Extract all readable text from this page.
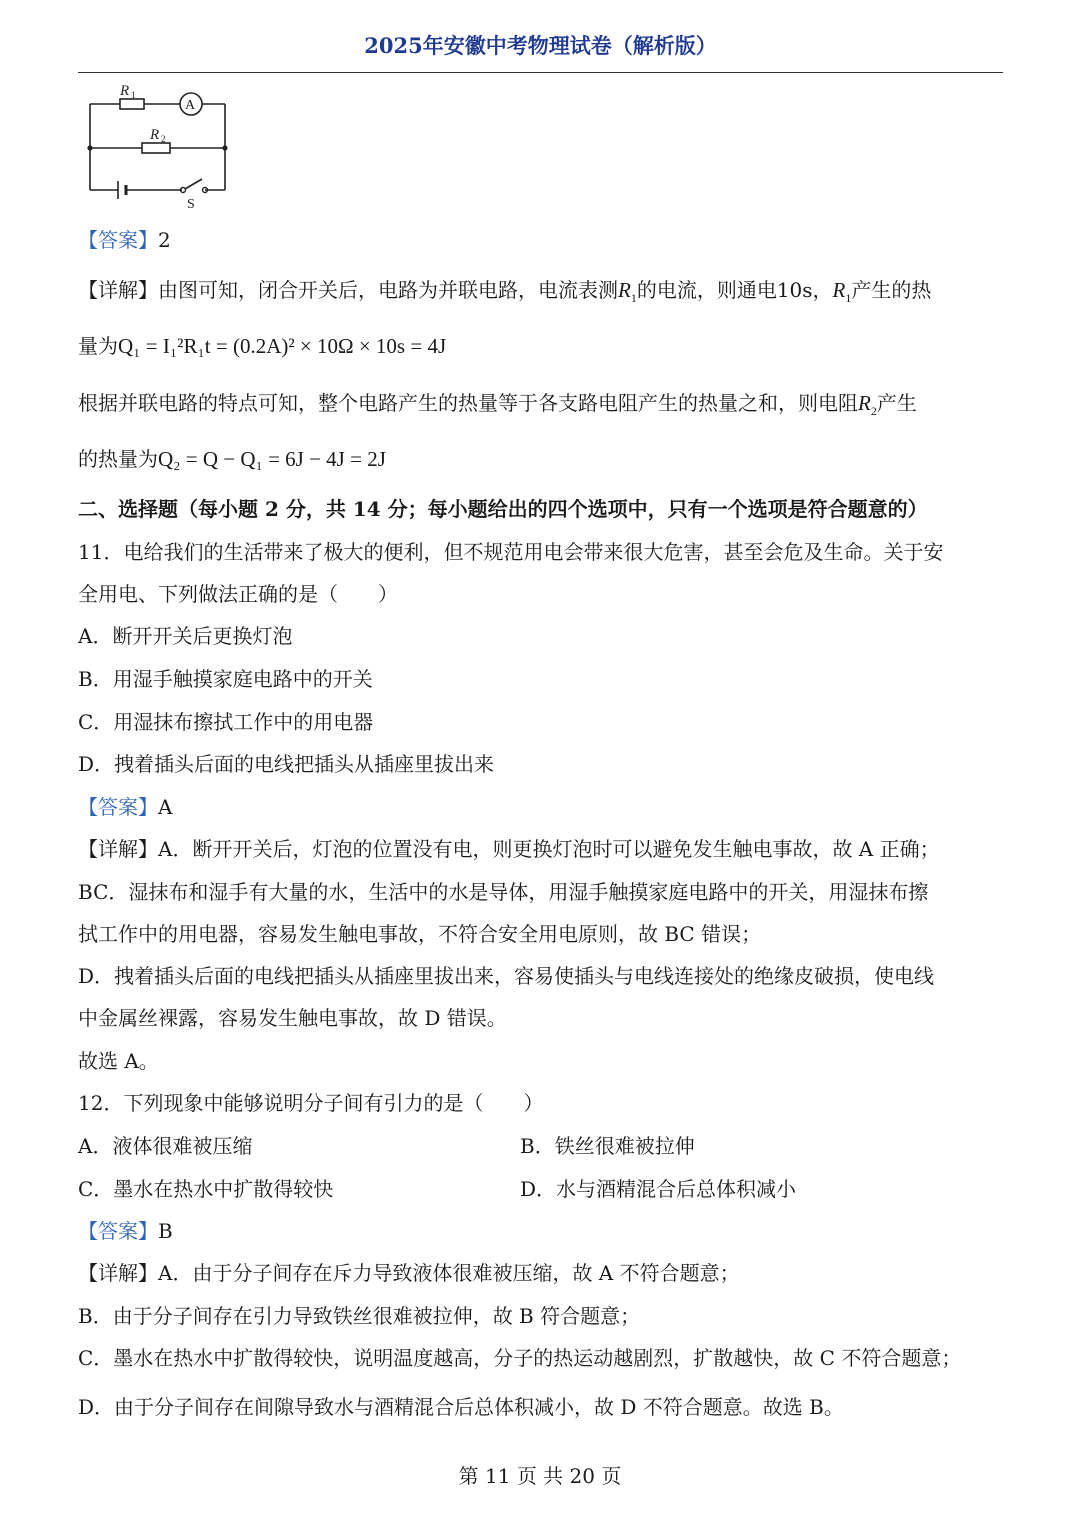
2025年安徽中考物理试卷（解析版）
R 1
A
R 2
S
【答案】2
【详解】由图可知，闭合开关后，电路为并联电路，电流表测$R_1$的电流，则通电10s，$R_1$产生的热
量为Q₁ = I₁²R₁t = (0.2A)² × 10Ω × 10s = 4J
根据并联电路的特点可知，整个电路产生的热量等于各支路电阻产生的热量之和，则电阻$R_2$产生
的热量为Q₂ = Q − Q₁ = 6J − 4J = 2J
二、选择题（每小题 2 分，共 14 分；每小题给出的四个选项中，只有一个选项是符合题意的）
11．电给我们的生活带来了极大的便利，但不规范用电会带来很大危害，甚至会危及生命。关于安
全用电、下列做法正确的是（　　）
A．断开开关后更换灯泡
B．用湿手触摸家庭电路中的开关
C．用湿抹布擦拭工作中的用电器
D．拽着插头后面的电线把插头从插座里拔出来
【答案】A
【详解】A．断开开关后，灯泡的位置没有电，则更换灯泡时可以避免发生触电事故，故 A 正确；
BC．湿抹布和湿手有大量的水，生活中的水是导体，用湿手触摸家庭电路中的开关，用湿抹布擦
拭工作中的用电器，容易发生触电事故，不符合安全用电原则，故 BC 错误；
D．拽着插头后面的电线把插头从插座里拔出来，容易使插头与电线连接处的绝缘皮破损，使电线
中金属丝裸露，容易发生触电事故，故 D 错误。
故选 A。
12．下列现象中能够说明分子间有引力的是（　　）
A．液体很难被压缩	B．铁丝很难被拉伸
C．墨水在热水中扩散得较快	D．水与酒精混合后总体积减小
【答案】B
【详解】A．由于分子间存在斥力导致液体很难被压缩，故 A 不符合题意；
B．由于分子间存在引力导致铁丝很难被拉伸，故 B 符合题意；
C．墨水在热水中扩散得较快，说明温度越高，分子的热运动越剧烈，扩散越快，故 C 不符合题意；
D．由于分子间存在间隙导致水与酒精混合后总体积减小，故 D 不符合题意。故选 B。
第 11 页 共 20 页
